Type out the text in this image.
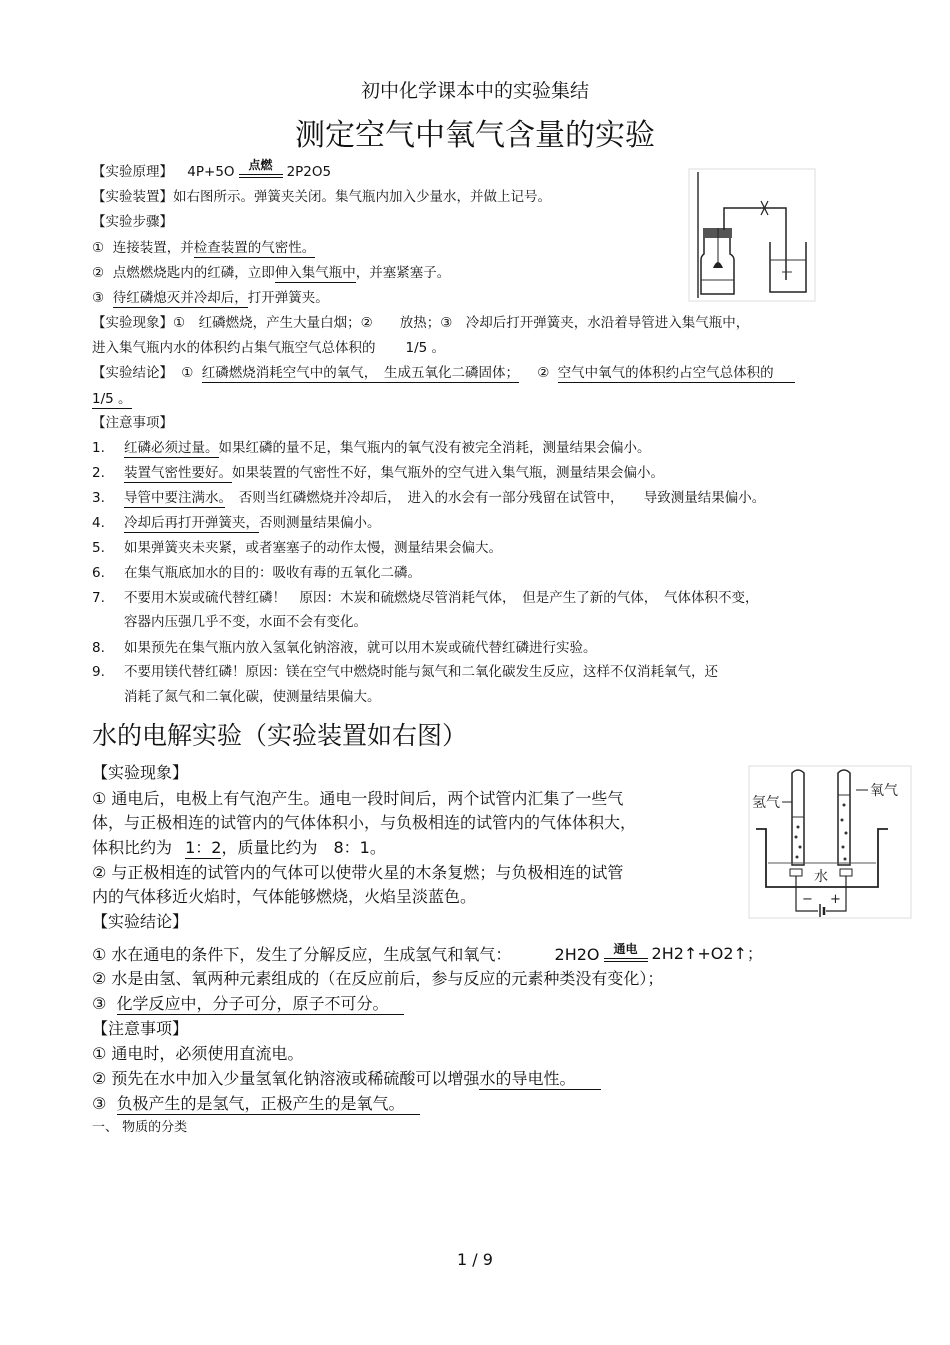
初中化学课本中的实验集结
测定空气中氧气含量的实验
【实验原理】 4P+5O	点燃	2P2O5
【实验装置】如右图所示。弹簧夹关闭。集气瓶内加入少量水，并做上记号。
【实验步骤】
① 连接装置，并检查装置的气密性。
② 点燃燃烧匙内的红磷，立即伸入集气瓶中，并塞紧塞子。
③ 待红磷熄灭并冷却后，打开弹簧夹。
【实验现象】①　红磷燃烧，产生大量白烟；②　　放热；③　冷却后打开弹簧夹，水沿着导管进入集气瓶中，
进入集气瓶内水的体积约占集气瓶空气总体积的 1/5 。
【实验结论】 ① 红磷燃烧消耗空气中的氧气，　生成五氧化二磷固体； ② 空气中氧气的体积约占空气总体积的
1/5 。
【注意事项】
1. 红磷必须过量。如果红磷的量不足，集气瓶内的氧气没有被完全消耗，测量结果会偏小。
2. 装置气密性要好。如果装置的气密性不好，集气瓶外的空气进入集气瓶，测量结果会偏小。
3. 导管中要注满水。　否则当红磷燃烧并冷却后，　进入的水会有一部分残留在试管中，　　导致测量结果偏小。
4. 冷却后再打开弹簧夹，否则测量结果偏小。
5. 如果弹簧夹未夹紧，或者塞塞子的动作太慢，测量结果会偏大。
6. 在集气瓶底加水的目的：吸收有毒的五氧化二磷。
7. 不要用木炭或硫代替红磷！　原因：木炭和硫燃烧尽管消耗气体，　但是产生了新的气体，　气体体积不变，
容器内压强几乎不变，水面不会有变化。
8. 如果预先在集气瓶内放入氢氧化钠溶液，就可以用木炭或硫代替红磷进行实验。
9. 不要用镁代替红磷！原因：镁在空气中燃烧时能与氮气和二氧化碳发生反应，这样不仅消耗氧气，还
消耗了氮气和二氧化碳，使测量结果偏大。
水的电解实验（实验装置如右图）
【实验现象】
① 通电后，电极上有气泡产生。通电一段时间后，两个试管内汇集了一些气
体，与正极相连的试管内的气体体积小，与负极相连的试管内的气体体积大，
体积比约为 1：2，质量比约为　8：1。
② 与正极相连的试管内的气体可以使带火星的木条复燃；与负极相连的试管
内的气体移近火焰时，气体能够燃烧，火焰呈淡蓝色。
氢气
氧气
水
− +
【实验结论】
① 水在通电的条件下，发生了分解反应，生成氢气和氧气：	2H2O	通电 2H2↑+O2↑；
② 水是由氢、氧两种元素组成的（在反应前后，参与反应的元素种类没有变化）；
③ 化学反应中，分子可分，原子不可分。
【注意事项】
① 通电时，必须使用直流电。
② 预先在水中加入少量氢氧化钠溶液或稀硫酸可以增强水的导电性。
③ 负极产生的是氢气，正极产生的是氧气。
一、 物质的分类
1 / 9
